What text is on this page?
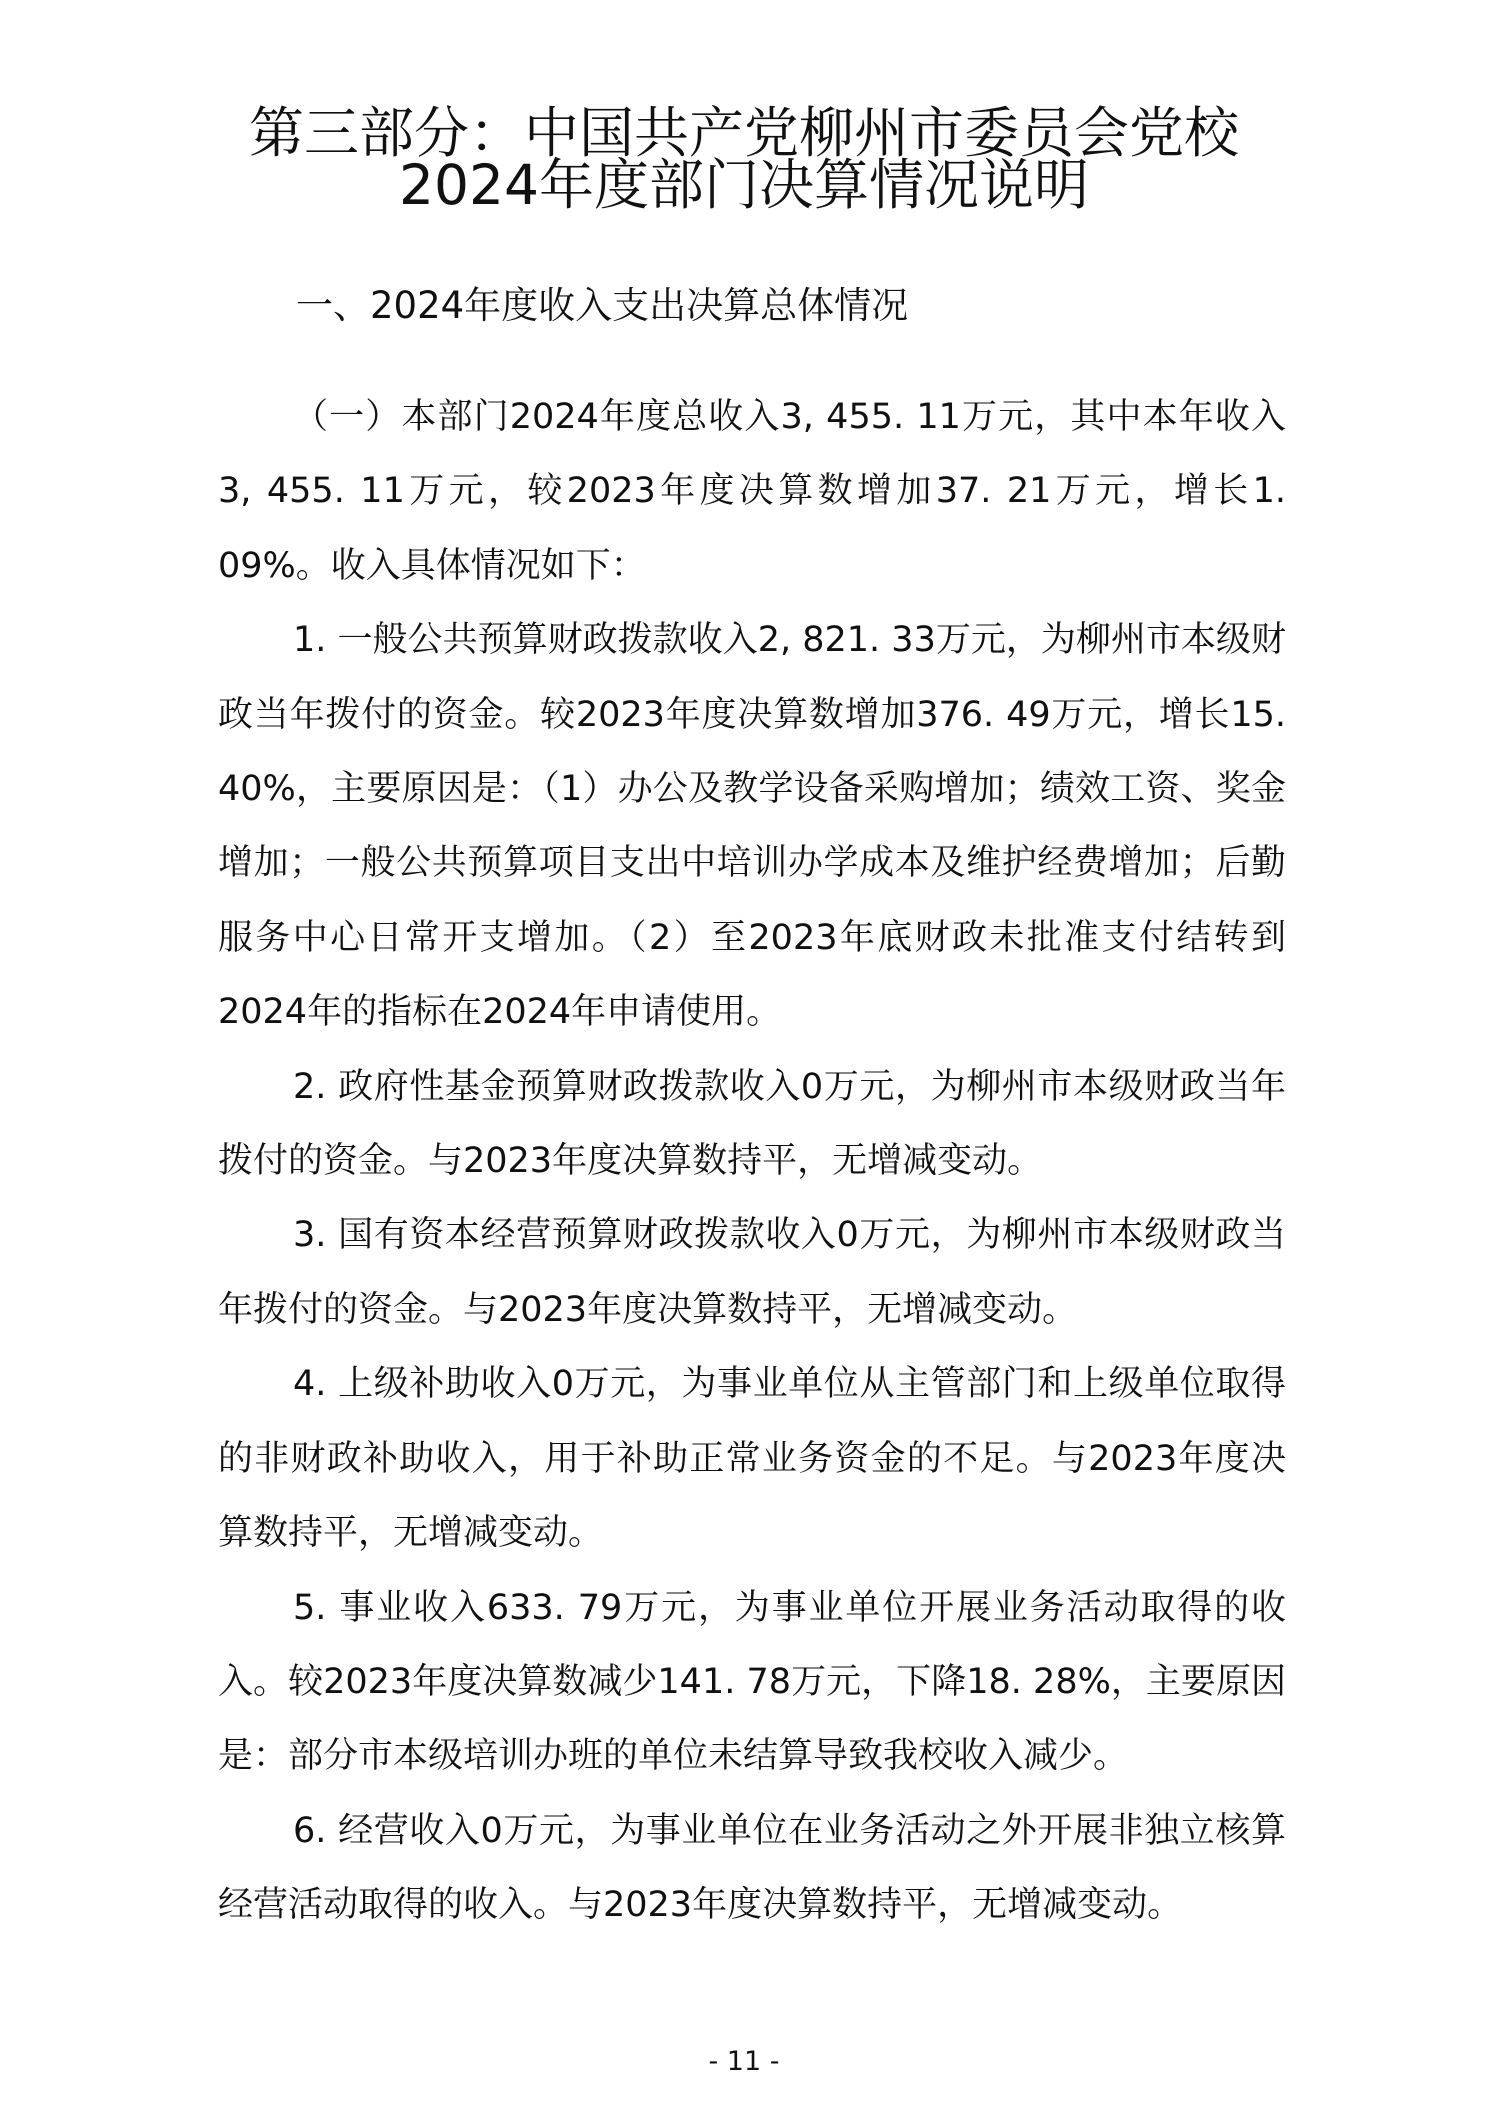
第三部分：中国共产党柳州市委员会党校
2024年度部门决算情况说明
一、2024年度收入支出决算总体情况

（一）本部门2024年度总收入3, 455. 11万元，其中本年收入3, 455. 11万元，较2023年度决算数增加37. 21万元，增长1. 09%。收入具体情况如下：

1. 一般公共预算财政拨款收入2, 821. 33万元，为柳州市本级财政当年拨付的资金。较2023年度决算数增加376. 49万元，增长15. 40%，主要原因是：（1）办公及教学设备采购增加；绩效工资、奖金增加；一般公共预算项目支出中培训办学成本及维护经费增加；后勤服务中心日常开支增加。（2）至2023年底财政未批准支付结转到2024年的指标在2024年申请使用。

2. 政府性基金预算财政拨款收入0万元，为柳州市本级财政当年拨付的资金。与2023年度决算数持平，无增减变动。

3. 国有资本经营预算财政拨款收入0万元，为柳州市本级财政当年拨付的资金。与2023年度决算数持平，无增减变动。

4. 上级补助收入0万元，为事业单位从主管部门和上级单位取得的非财政补助收入，用于补助正常业务资金的不足。与2023年度决算数持平，无增减变动。

5. 事业收入633. 79万元，为事业单位开展业务活动取得的收入。较2023年度决算数减少141. 78万元，下降18. 28%，主要原因是：部分市本级培训办班的单位未结算导致我校收入减少。

6. 经营收入0万元，为事业单位在业务活动之外开展非独立核算经营活动取得的收入。与2023年度决算数持平，无增减变动。

- 11 -
